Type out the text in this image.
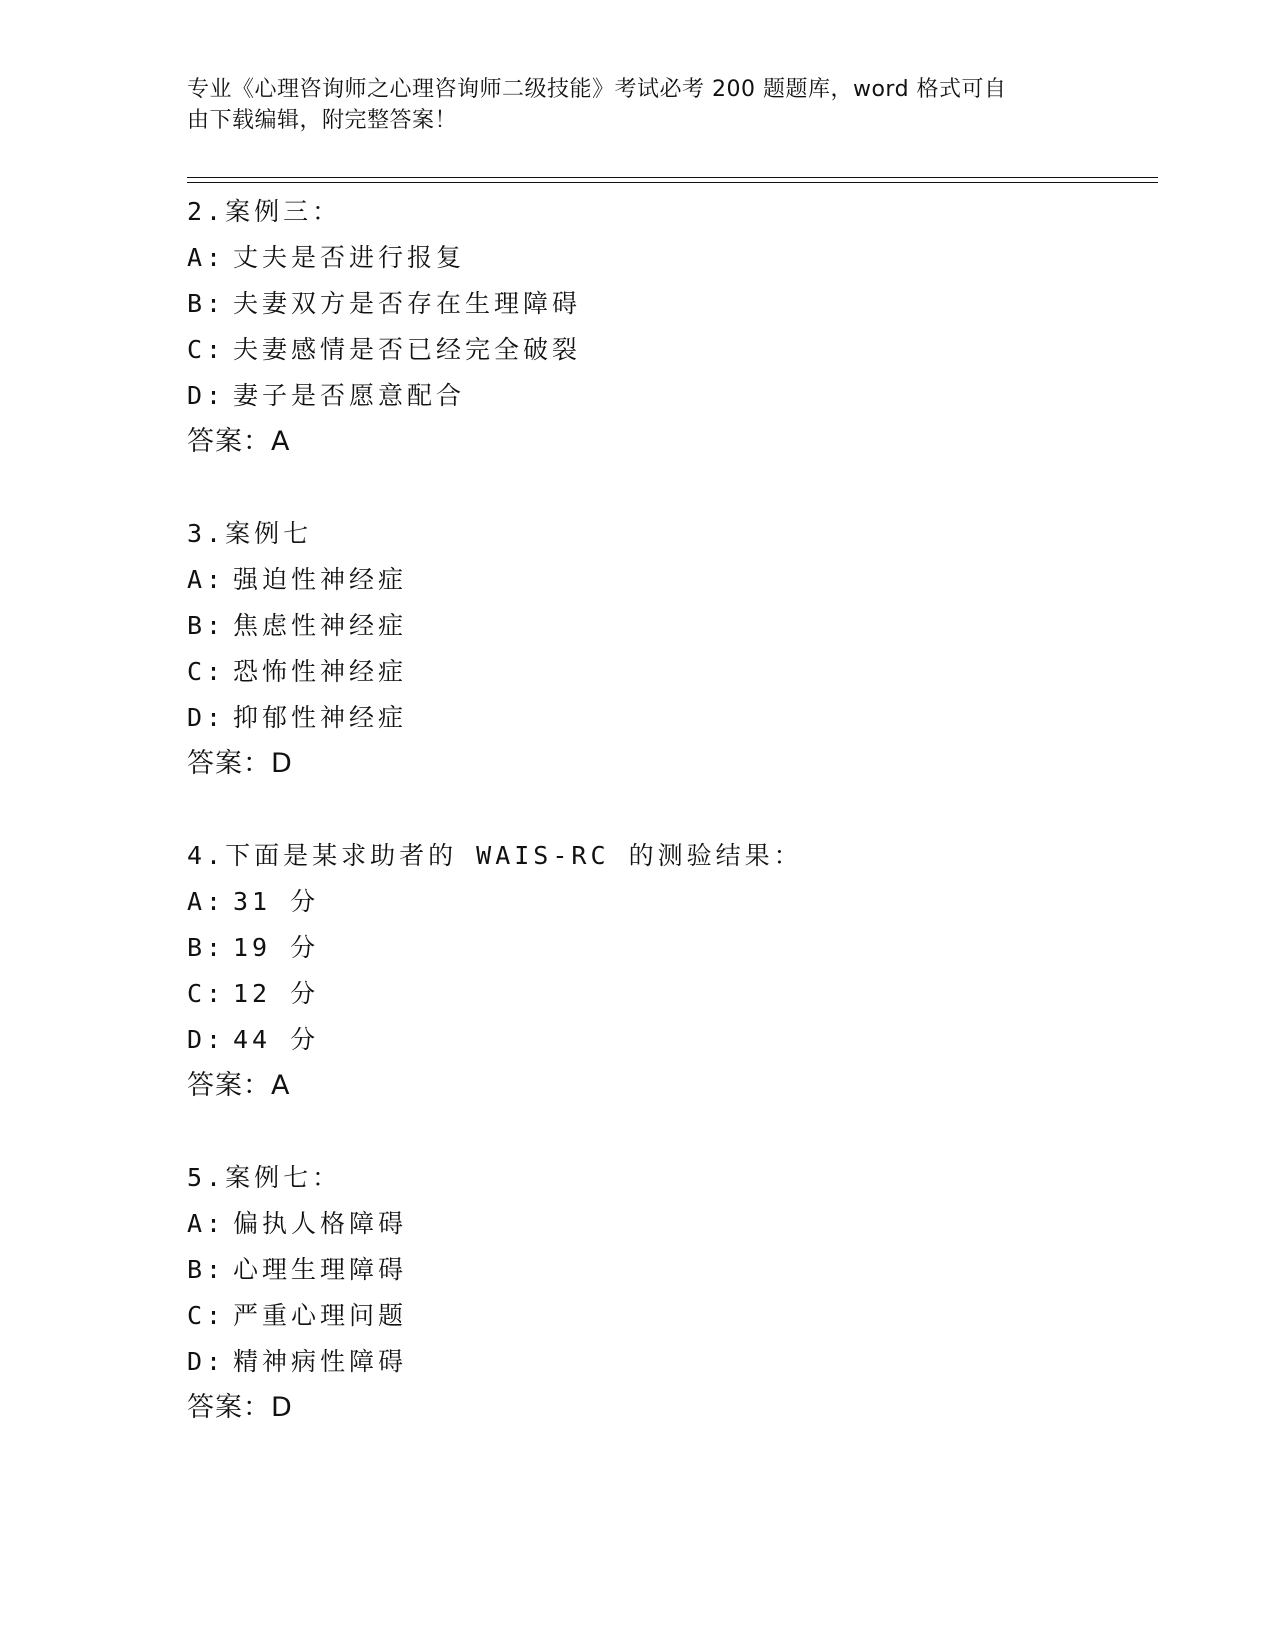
专业《心理咨询师之心理咨询师二级技能》考试必考 200 题题库，word 格式可自
由下载编辑，附完整答案！
2.案例三：
A: 丈夫是否进行报复
B: 夫妻双方是否存在生理障碍
C: 夫妻感情是否已经完全破裂
D: 妻子是否愿意配合
答案：A
3.案例七
A: 强迫性神经症
B: 焦虑性神经症
C: 恐怖性神经症
D: 抑郁性神经症
答案：D
4.下面是某求助者的 WAIS-RC 的测验结果：
A: 31 分
B: 19 分
C: 12 分
D: 44 分
答案：A
5.案例七：
A: 偏执人格障碍
B: 心理生理障碍
C: 严重心理问题
D: 精神病性障碍
答案：D
